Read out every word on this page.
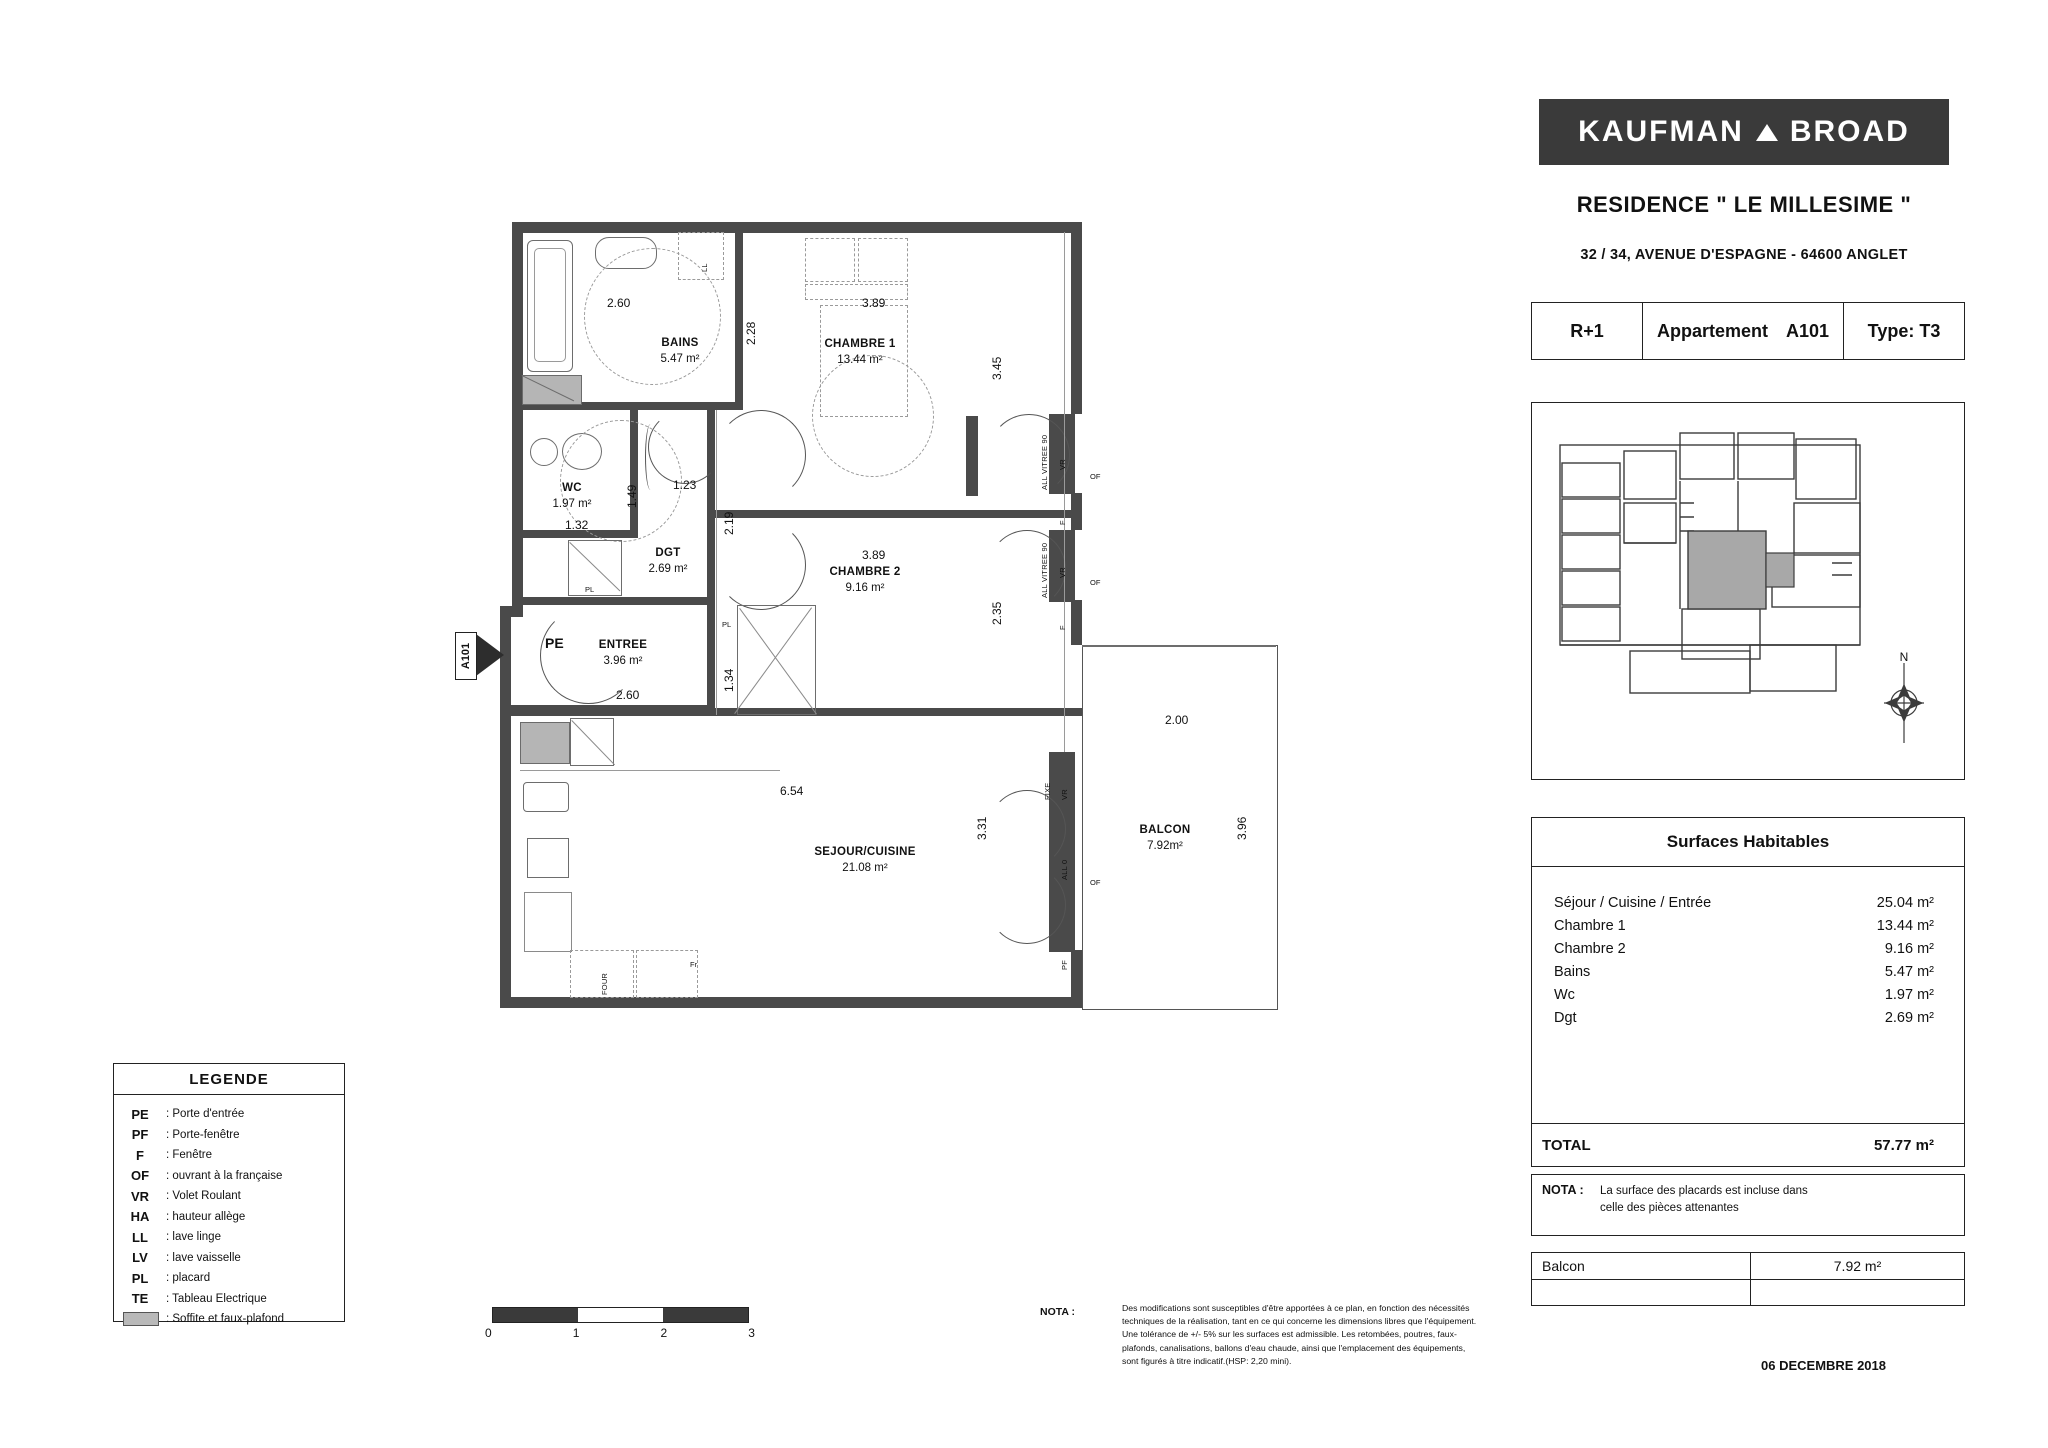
LL
PL
PL
FOUR
Fr
BAINS
5.47 m²
CHAMBRE 1
13.44 m²
WC
1.97 m²
DGT
2.69 m²	CHAMBRE 2
9.16 m²
ENTREE
3.96 m²
SEJOUR/CUISINE
21.08 m²
BALCON
7.92m²
2.60
2.28
3.89
3.45
1.49
1.32
1.23
2.19
3.89
2.35
1.34
2.60
6.54
3.31
2.00
3.96
ALL VITREE 90 VR
F
OF
ALL VITREE 90 VR
F
OF
FIXE VR
ALL 0
OF
PF
A101	PE
KAUFMAN BROAD
RESIDENCE " LE MILLESIME "
32 / 34, AVENUE D'ESPAGNE - 64600 ANGLET
R+1	Appartement A101	Type: T3
N
Surfaces Habitables
Séjour / Cuisine / Entrée	25.04 m²
Chambre 1	13.44 m²
Chambre 2	9.16 m²
Bains	5.47 m²
Wc	1.97 m²
Dgt	2.69 m²
TOTAL	57.77 m²
NOTA :	La surface des placards est incluse dans
celle des pièces attenantes
Balcon	7.92 m²
06 DECEMBRE 2018
LEGENDE
PE	: Porte d'entrée
PF	: Porte-fenêtre
F	: Fenêtre
OF	: ouvrant à la française
VR	: Volet Roulant
HA	: hauteur allège
LL	: lave linge
LV	: lave vaisselle
PL	: placard
TE	: Tableau Electrique
: Soffite et faux-plafond
0	1	2	3
NOTA :	Des modifications sont susceptibles d'être apportées à ce plan, en fonction des nécessités techniques de la réalisation, tant en ce qui concerne les dimensions libres que l'équipement. Une tolérance de +/- 5% sur les surfaces est admissible. Les retombées, poutres, faux-plafonds, canalisations, ballons d'eau chaude, ainsi que l'emplacement des équipements, sont figurés à titre indicatif.(HSP: 2,20 mini).
